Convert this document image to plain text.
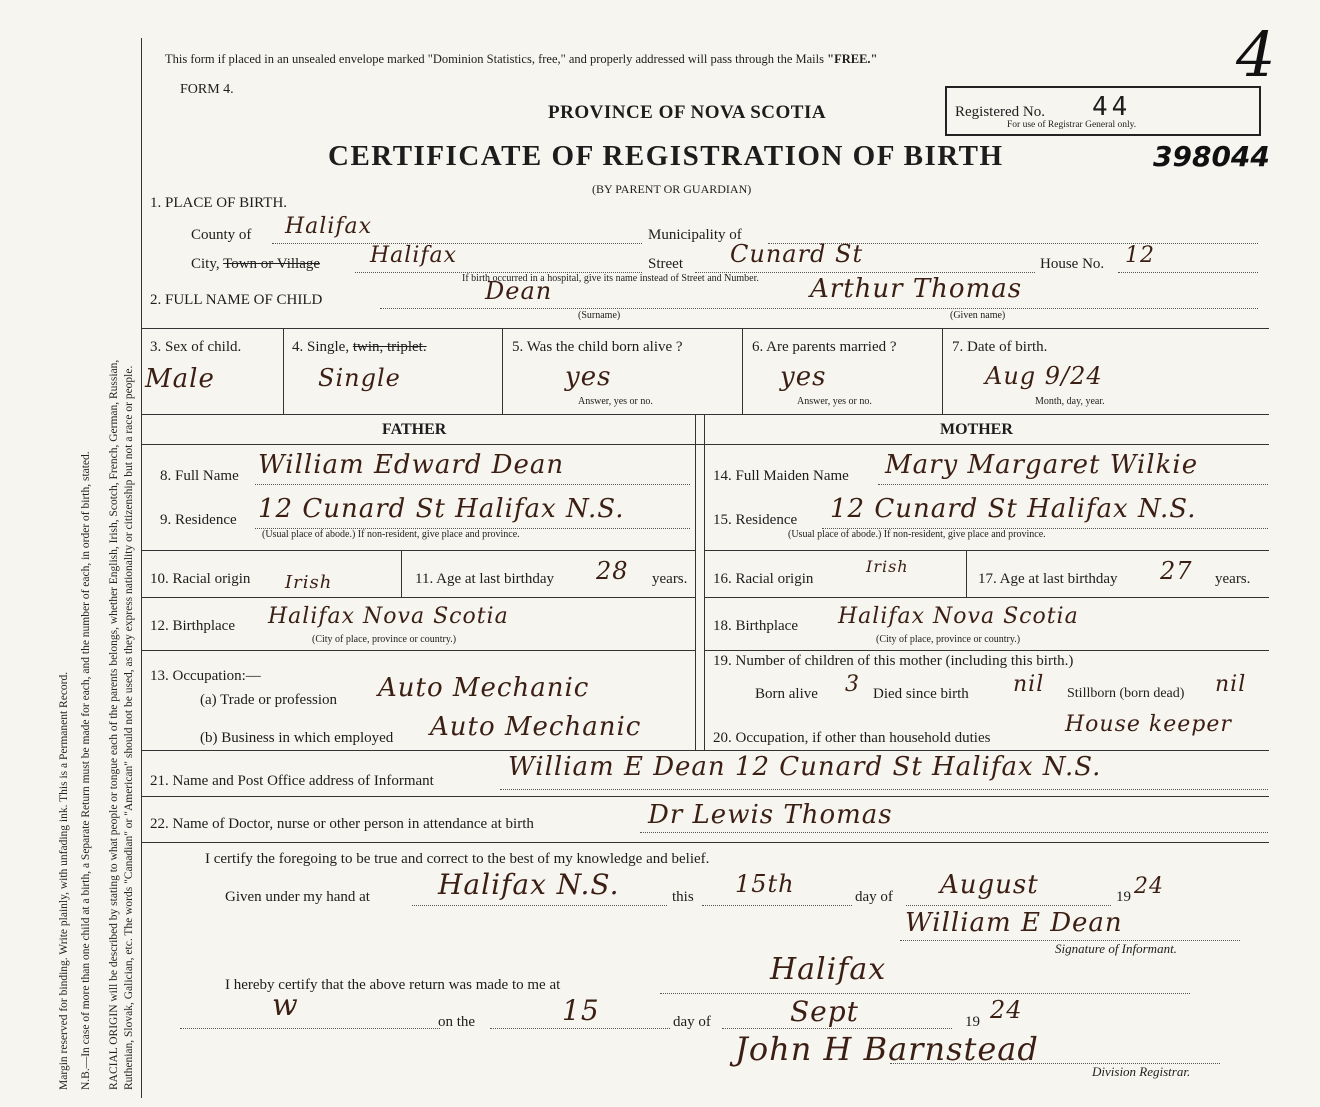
Margin reserved for binding. Write plainly, with unfading ink. This is a Permanent Record. N.B.—In case of more than one child at a birth, a Separate Return must be made for each, and the number of each, in order of birth, stated. RACIAL ORIGIN will be described by stating to what people or tongue each of the parents belongs, whether English, Irish, Scotch, French, German, Russian, Ruthenian, Slovak, Galician, etc. The words "Canadian" or "American" should not be used, as they express nationality or citizenship but not a race or people.
This form if placed in an unsealed envelope marked "Dominion Statistics, free," and properly addressed will pass through the Mails "FREE."
FORM 4.
PROVINCE OF NOVA SCOTIA
CERTIFICATE OF REGISTRATION OF BIRTH
(BY PARENT OR GUARDIAN)
Registered No. 44
For use of Registrar General only.
398044
4
1. PLACE OF BIRTH.
County of Halifax	Municipality of
City, Town or Village Halifax	Street Cunard St	House No. 12
If birth occurred in a hospital, give its name instead of Street and Number.
2. FULL NAME OF CHILD	Dean
(Surname)
Arthur Thomas
(Given name)
3. Sex of child.
Male
4. Single, twin, triplet.
Single
5. Was the child born alive ?
yes
Answer, yes or no.
6. Are parents married ?
yes
Answer, yes or no.
7. Date of birth.
Aug 9/24
Month, day, year.
FATHER	MOTHER
8. Full Name William Edward Dean
9. Residence 12 Cunard St Halifax N.S.
(Usual place of abode.) If non-resident, give place and province.
10. Racial origin Irish	11. Age at last birthday 28 years.
12. Birthplace Halifax Nova Scotia
(City of place, province or country.)
13. Occupation:—
(a) Trade or profession Auto Mechanic
(b) Business in which employed Auto Mechanic
14. Full Maiden Name Mary Margaret Wilkie
15. Residence 12 Cunard St Halifax N.S.
(Usual place of abode.) If non-resident, give place and province.
16. Racial origin
Irish
17. Age at last birthday 27 years.
18. Birthplace Halifax Nova Scotia
(City of place, province or country.)
19. Number of children of this mother (including this birth.)
Born alive 3 Died since birth nil Stillborn (born dead) nil
20. Occupation, if other than household duties
House keeper
21. Name and Post Office address of Informant	William E Dean 12 Cunard St Halifax N.S.
22. Name of Doctor, nurse or other person in attendance at birth	Dr Lewis Thomas
I certify the foregoing to be true and correct to the best of my knowledge and belief.
Given under my hand at Halifax N.S.	this 15th	day of August	19 24
William E Dean
Signature of Informant.
I hereby certify that the above return was made to me at	Halifax
w	on the	15	day of	Sept	19 24
John H Barnstead
Division Registrar.
